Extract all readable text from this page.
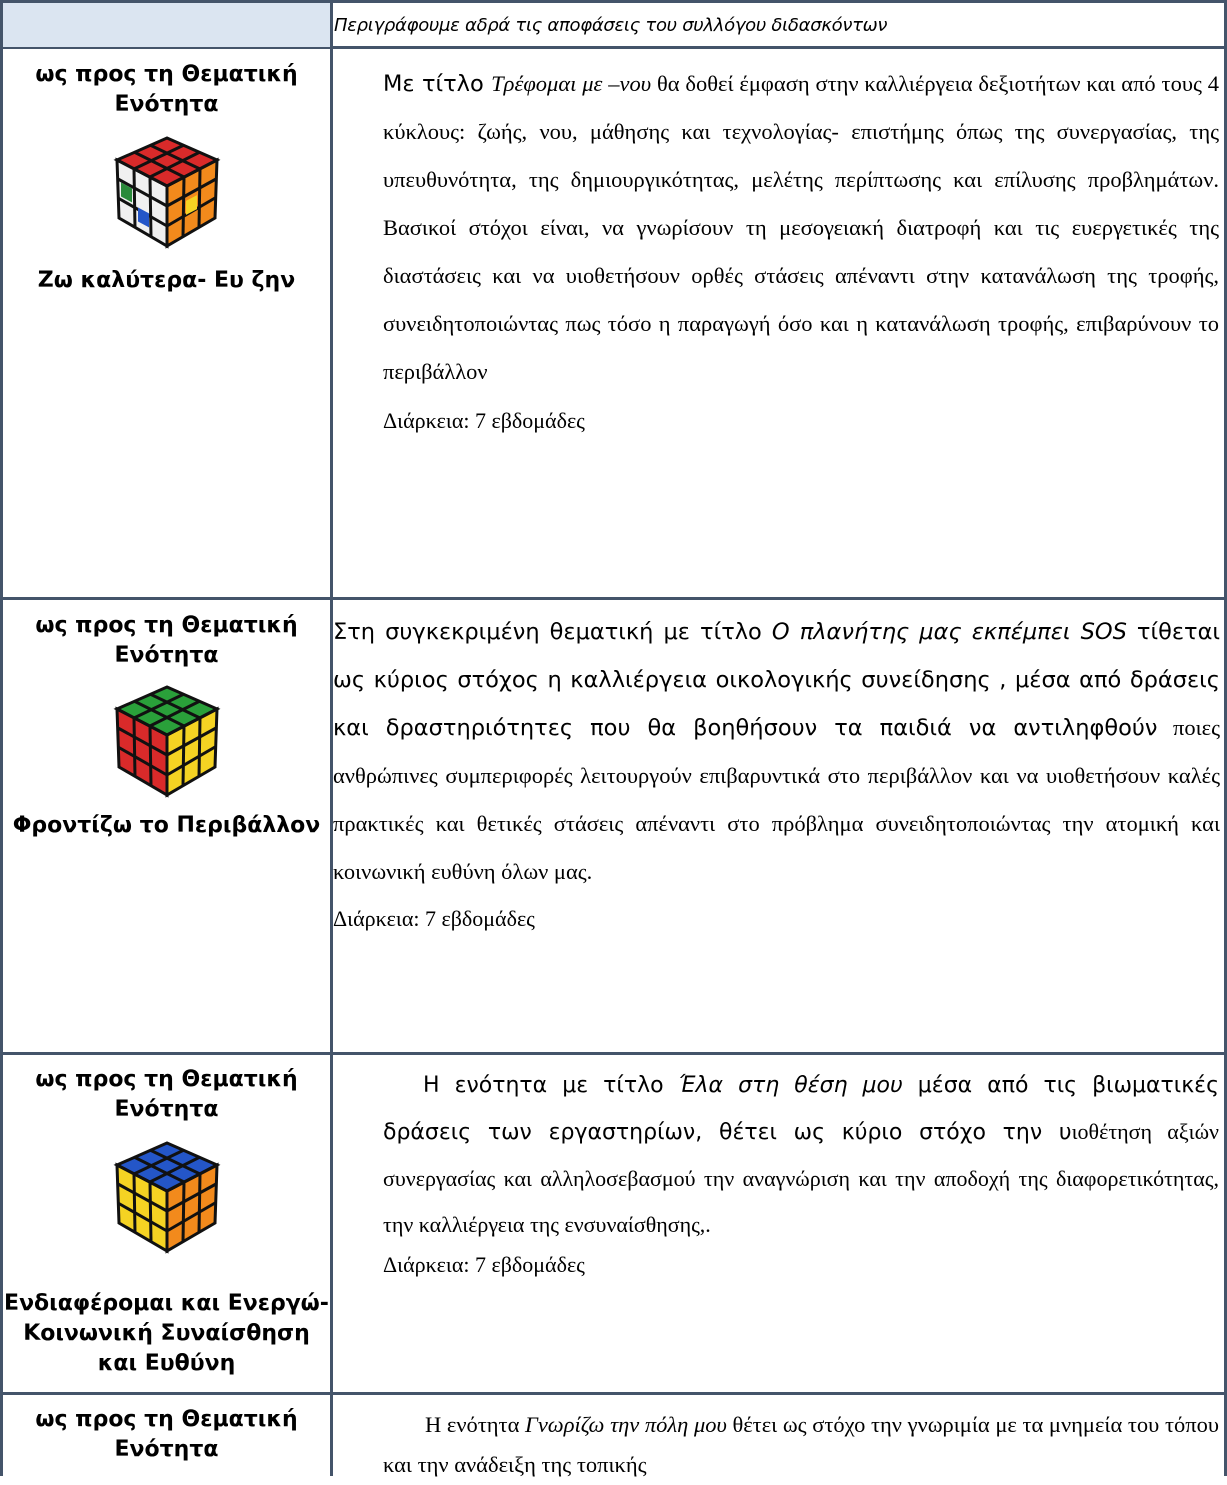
Περιγράφουμε αδρά τις αποφάσεις του συλλόγου διδασκόντων
ως προς τη Θεματική Ενότητα
Ζω καλύτερα- Ευ ζην

Με τίτλο Τρέφομαι με –νου θα δοθεί έμφαση στην καλλιέργεια δεξιοτήτων και από τους 4 κύκλους: ζωής, νου, μάθησης και τεχνολογίας- επιστήμης όπως της συνεργασίας, της υπευθυνότητα, της δημιουργικότητας, μελέτης περίπτωσης και επίλυσης προβλημάτων. Βασικοί στόχοι είναι, να γνωρίσουν τη μεσογειακή διατροφή και τις ευεργετικές της διαστάσεις και να υιοθετήσουν ορθές στάσεις απέναντι στην κατανάλωση της τροφής, συνειδητοποιώντας πως τόσο η παραγωγή όσο και η κατανάλωση τροφής, επιβαρύνουν το περιβάλλον

Διάρκεια: 7 εβδομάδες

ως προς τη Θεματική Ενότητα
Φροντίζω το Περιβάλλον

Στη συγκεκριμένη θεματική με τίτλο Ο πλανήτης μας εκπέμπει SOS τίθεται ως κύριος στόχος η καλλιέργεια οικολογικής συνείδησης , μέσα από δράσεις και δραστηριότητες που θα βοηθήσουν τα παιδιά να αντιληφθούν ποιες ανθρώπινες συμπεριφορές λειτουργούν επιβαρυντικά στο περιβάλλον και να υιοθετήσουν καλές πρακτικές και θετικές στάσεις απέναντι στο πρόβλημα συνειδητοποιώντας την ατομική και κοινωνική ευθύνη όλων μας.

Διάρκεια: 7 εβδομάδες

ως προς τη Θεματική Ενότητα
Ενδιαφέρομαι και Ενεργώ- Κοινωνική Συναίσθηση και Ευθύνη

Η ενότητα με τίτλο Έλα στη θέση μου μέσα από τις βιωματικές δράσεις των εργαστηρίων, θέτει ως κύριο στόχο την υιοθέτηση αξιών συνεργασίας και αλληλοσεβασμού την αναγνώριση και την αποδοχή της διαφορετικότητας, την καλλιέργεια της ενσυναίσθησης,.

Διάρκεια: 7 εβδομάδες

ως προς τη Θεματική Ενότητα

Η ενότητα Γνωρίζω την πόλη μου θέτει ως στόχο την γνωριμία με τα μνημεία του τόπου και την ανάδειξη της τοπικής
